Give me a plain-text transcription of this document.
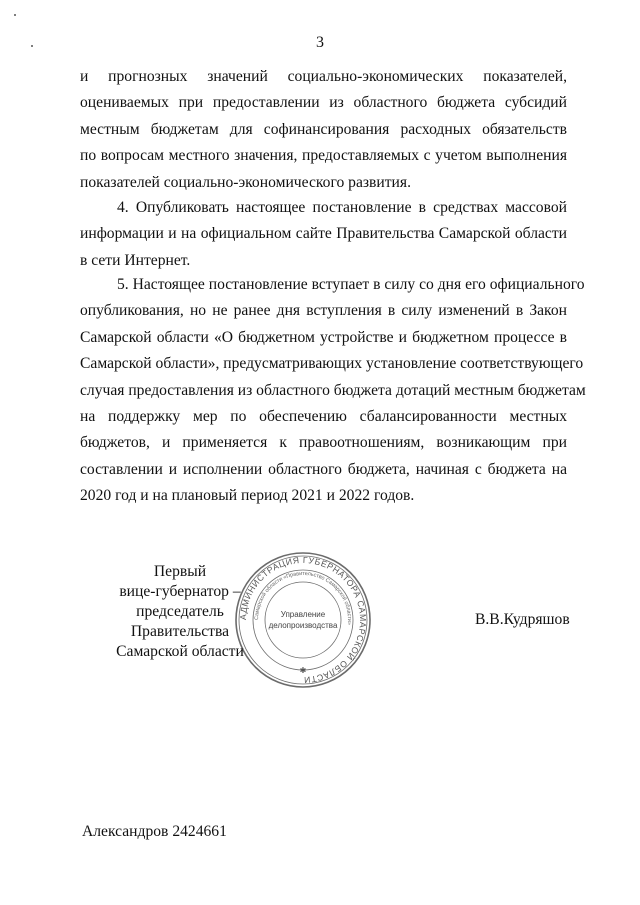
3
и прогнозных значений социально-экономических показателей,
оцениваемых при предоставлении из областного бюджета субсидий
местным бюджетам для софинансирования расходных обязательств
по вопросам местного значения, предоставляемых с учетом выполнения
показателей социально-экономического развития.
4. Опубликовать настоящее постановление в средствах массовой
информации и на официальном сайте Правительства Самарской области
в сети Интернет.
5. Настоящее постановление вступает в силу со дня его официального
опубликования, но не ранее дня вступления в силу изменений в Закон
Самарской области «О бюджетном устройстве и бюджетном процессе в
Самарской области», предусматривающих установление соответствующего
случая предоставления из областного бюджета дотаций местным бюджетам
на поддержку мер по обеспечению сбалансированности местных
бюджетов, и применяется к правоотношениям, возникающим при
составлении и исполнении областного бюджета, начиная с бюджета на
2020 год и на плановый период 2021 и 2022 годов.
АДМИНИСТРАЦИЯ ГУБЕРНАТОРА САМАРСКОЙ ОБЛАСТИ
Самарской области «Правительство Самарской области»
Управление
делопроизводства
✱
Первый
вице-губернатор –
председатель Правительства
Самарской области
В.В.Кудряшов
Александров 2424661
